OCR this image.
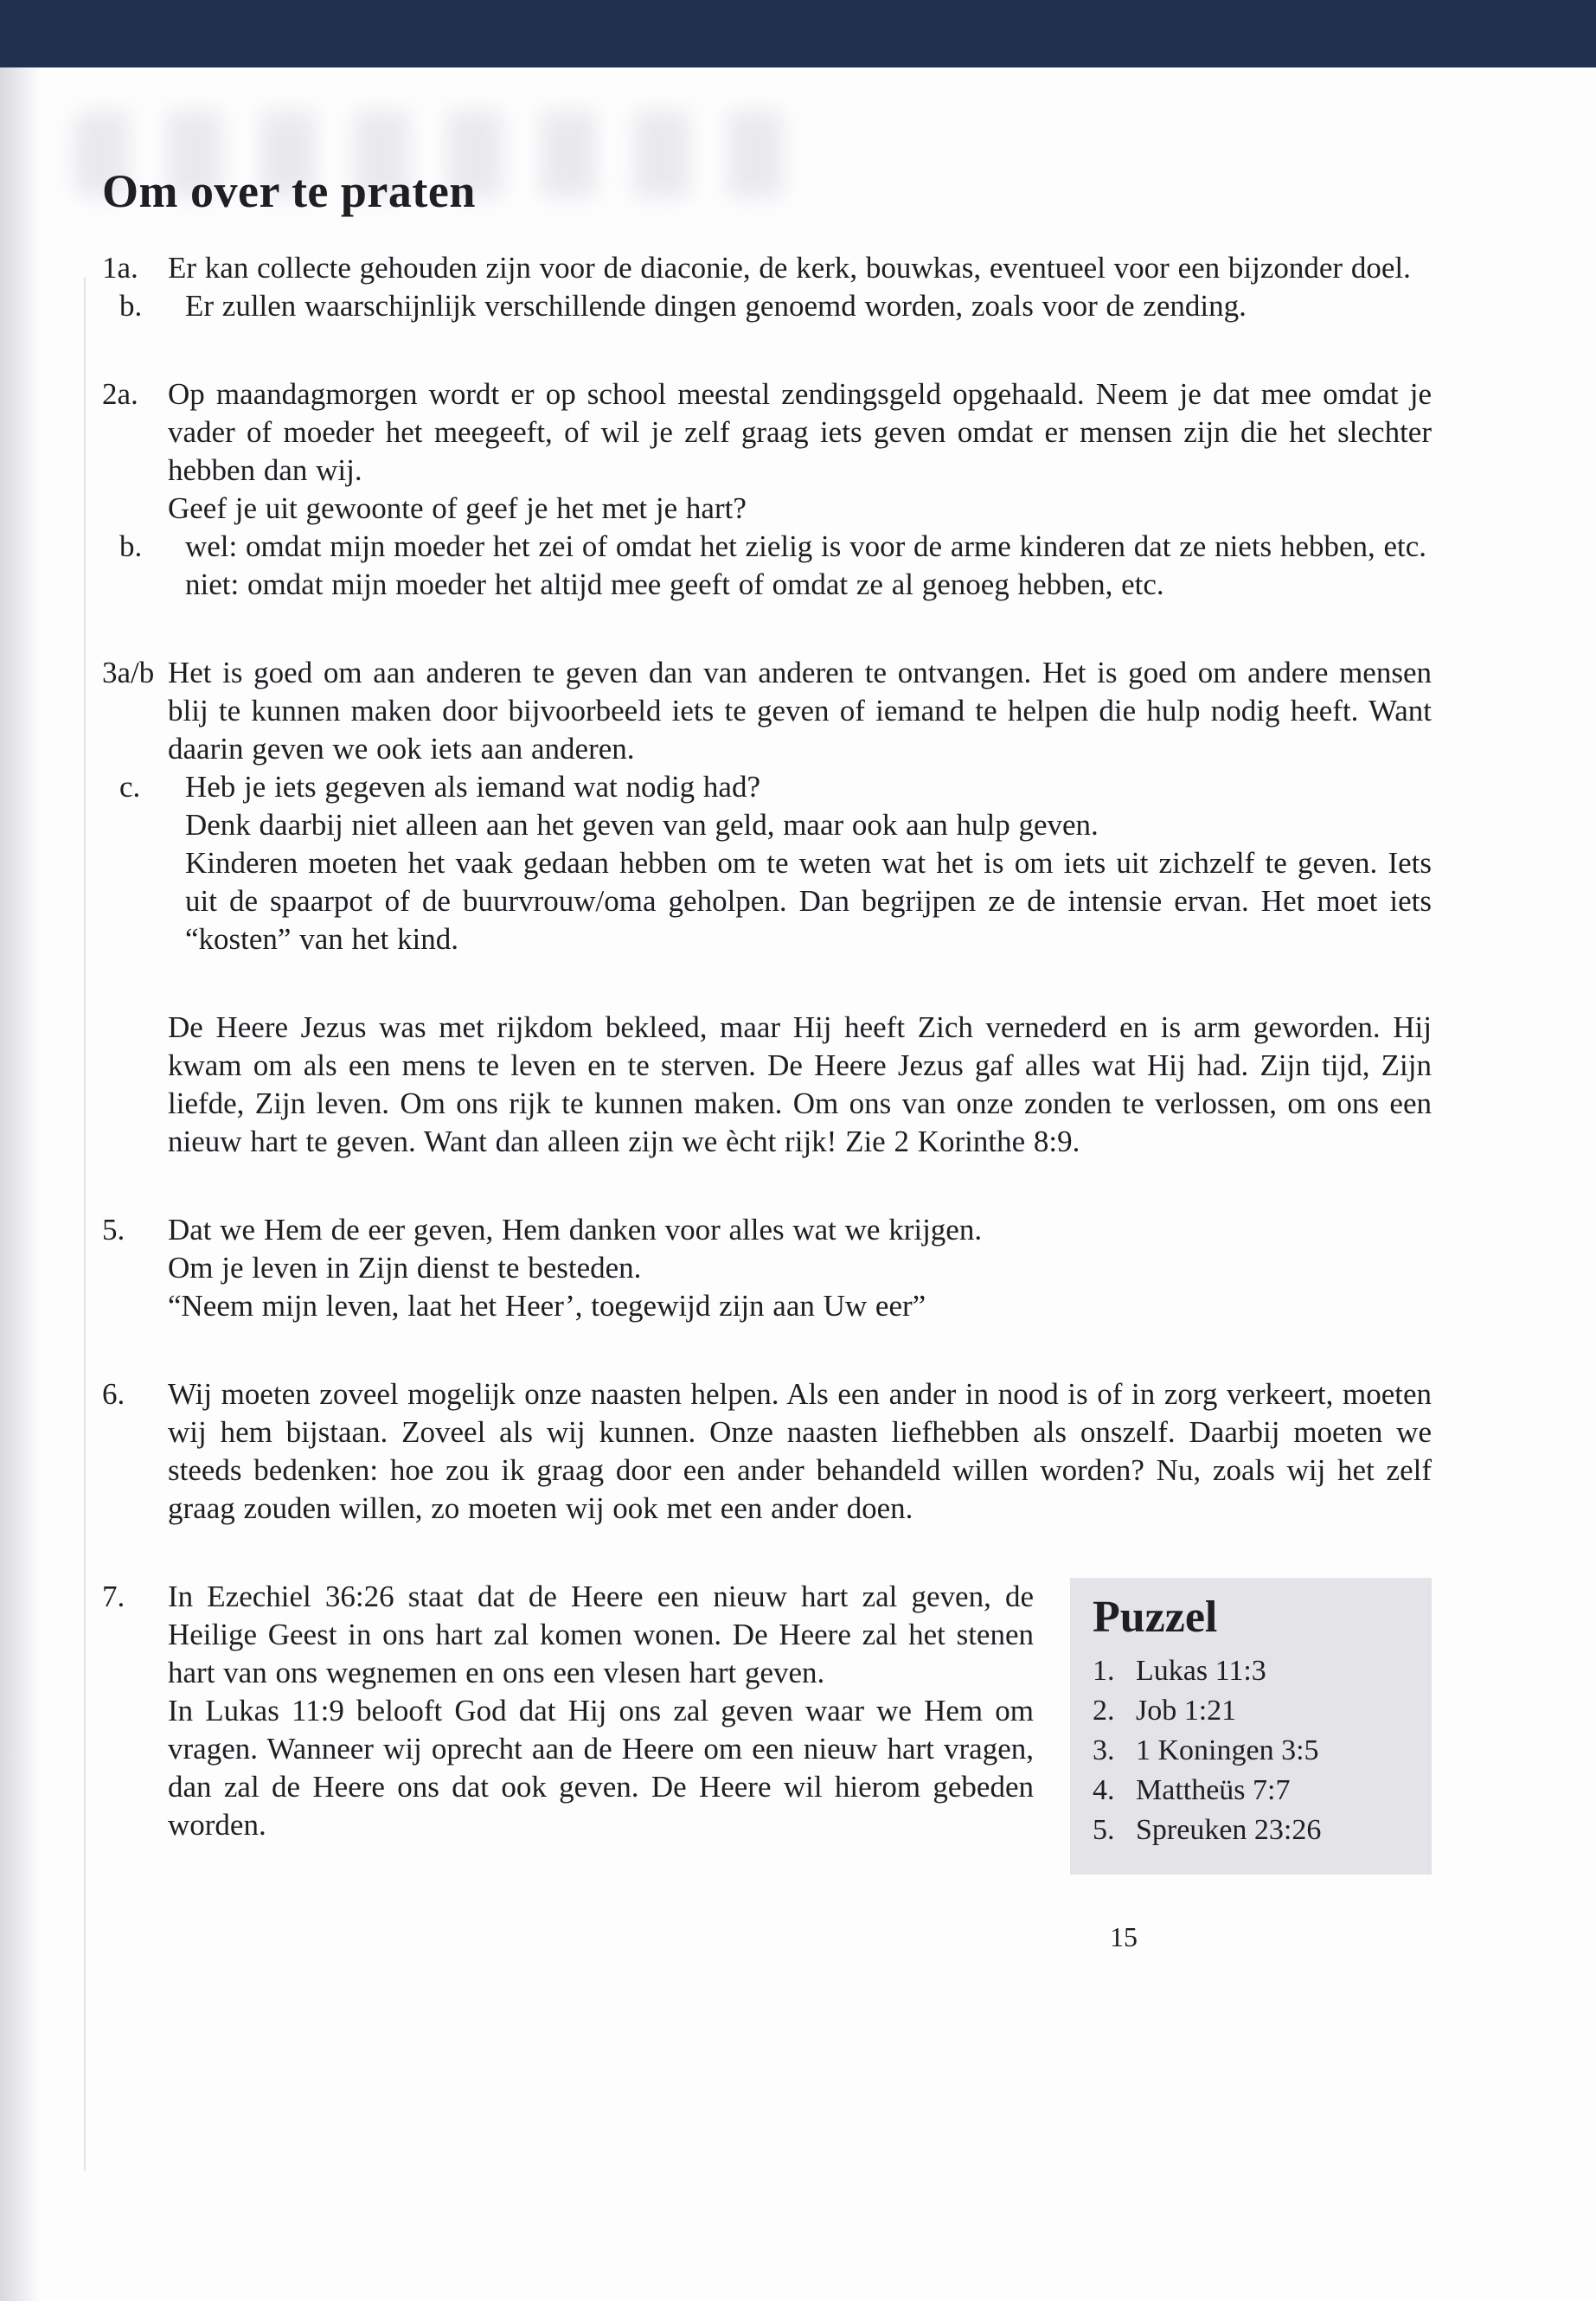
Om over te praten
1a. Er kan collecte gehouden zijn voor de diaconie, de kerk, bouwkas, eventueel voor een bijzonder doel.

b.	Er zullen waarschijnlijk verschillende dingen genoemd worden, zoals voor de zending.

2a. Op maandagmorgen wordt er op school meestal zendingsgeld opgehaald. Neem je dat mee omdat je vader of moeder het meegeeft, of wil je zelf graag iets geven omdat er mensen zijn die het slechter hebben dan wij.

Geef je uit gewoonte of geef je het met je hart?

b.	wel: omdat mijn moeder het zei of omdat het zielig is voor de arme kinderen dat ze niets hebben, etc.

niet: omdat mijn moeder het altijd mee geeft of omdat ze al genoeg hebben, etc.

3a/b Het is goed om aan anderen te geven dan van anderen te ontvangen. Het is goed om andere mensen blij te kunnen maken door bijvoorbeeld iets te geven of iemand te helpen die hulp nodig heeft. Want daarin geven we ook iets aan anderen.

c.	Heb je iets gegeven als iemand wat nodig had?

Denk daarbij niet alleen aan het geven van geld, maar ook aan hulp geven.

Kinderen moeten het vaak gedaan hebben om te weten wat het is om iets uit zichzelf te geven. Iets uit de spaarpot of de buurvrouw/oma geholpen. Dan begrijpen ze de intensie ervan. Het moet iets “kosten” van het kind.

De Heere Jezus was met rijkdom bekleed, maar Hij heeft Zich vernederd en is arm geworden. Hij kwam om als een mens te leven en te sterven. De Heere Jezus gaf alles wat Hij had. Zijn tijd, Zijn liefde, Zijn leven. Om ons rijk te kunnen maken. Om ons van onze zonden te verlossen, om ons een nieuw hart te geven. Want dan alleen zijn we ècht rijk! Zie 2 Korinthe 8:9.

5.	Dat we Hem de eer geven, Hem danken voor alles wat we krijgen.

Om je leven in Zijn dienst te besteden.

“Neem mijn leven, laat het Heer’, toegewijd zijn aan Uw eer”

6.	Wij moeten zoveel mogelijk onze naasten helpen. Als een ander in nood is of in zorg verkeert, moeten wij hem bijstaan. Zoveel als wij kunnen. Onze naasten liefhebben als onszelf. Daarbij moeten we steeds bedenken: hoe zou ik graag door een ander behandeld willen worden? Nu, zoals wij het zelf graag zouden willen, zo moeten wij ook met een ander doen.

7.	In Ezechiel 36:26 staat dat de Heere een nieuw hart zal geven, de Heilige Geest in ons hart zal komen wonen. De Heere zal het stenen hart van ons wegnemen en ons een vlesen hart geven.

In Lukas 11:9 belooft God dat Hij ons zal geven waar we Hem om vragen. Wanneer wij oprecht aan de Heere om een nieuw hart vragen, dan zal de Heere ons dat ook geven. De Heere wil hierom gebeden worden.

Puzzel
1. Lukas 11:3
2. Job 1:21
3. 1 Koningen 3:5
4. Mattheüs 7:7
5. Spreuken 23:26
15
